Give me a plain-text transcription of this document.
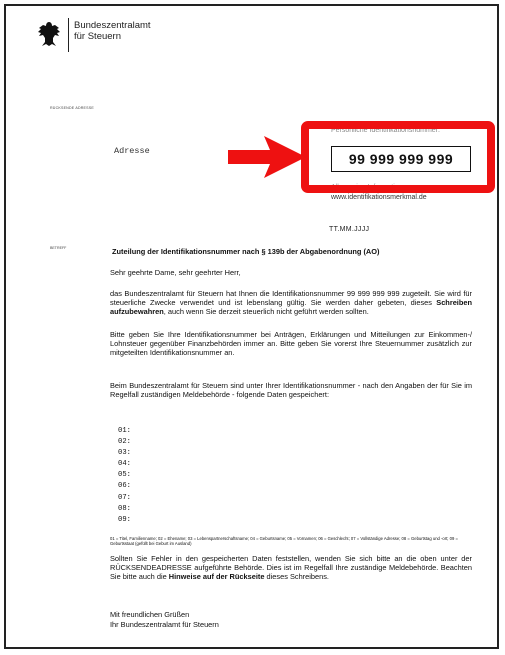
Bundeszentralamt
für Steuern
RÜCKSENDE ADRESSE
Adresse
Persönliche Identifikationsnummer:
Allgemeine Informationen
99 999 999 999
www.identifikationsmerkmal.de
TT.MM.JJJJ
BETREFF	Zuteilung der Identifikationsnummer nach § 139b der Abgabenordnung (AO)
Sehr geehrte Dame, sehr geehrter Herr,
das Bundeszentralamt für Steuern hat Ihnen die Identifikationsnummer 99 999 999 999 zugeteilt. Sie wird für steuerliche Zwecke verwendet und ist lebenslang gültig. Sie werden daher gebeten, dieses Schreiben aufzubewahren, auch wenn Sie derzeit steuerlich nicht geführt werden sollten.
Bitte geben Sie Ihre Identifikationsnummer bei Anträgen, Erklärungen und Mitteilungen zur Einkommen-/ Lohnsteuer gegenüber Finanzbehörden immer an. Bitte geben Sie vorerst Ihre Steuernummer zusätzlich zur mitgeteilten Identifikationsnummer an.
Beim Bundeszentralamt für Steuern sind unter Ihrer Identifikationsnummer - nach den Angaben der für Sie im Regelfall zuständigen Meldebehörde - folgende Daten gespeichert:
01:
02:
03:
04:
05:
06:
07:
08:
09:
01 = Titel, Familienname; 02 = Ehename; 03 = Lebenspartnerschaftsname; 04 = Geburtsname; 05 = Vornamen; 06 = Geschlecht; 07 = Vollständige Adresse; 08 = Geburtstag und -ort; 09 = Geburtsstaat (gefüllt bei Geburt im Ausland)
Sollten Sie Fehler in den gespeicherten Daten feststellen, wenden Sie sich bitte an die oben unter der RÜCKSENDEADRESSE aufgeführte Behörde. Dies ist im Regelfall Ihre zuständige Meldebehörde. Beachten Sie bitte auch die Hinweise auf der Rückseite dieses Schreibens.
Mit freundlichen Grüßen
Ihr Bundeszentralamt für Steuern
